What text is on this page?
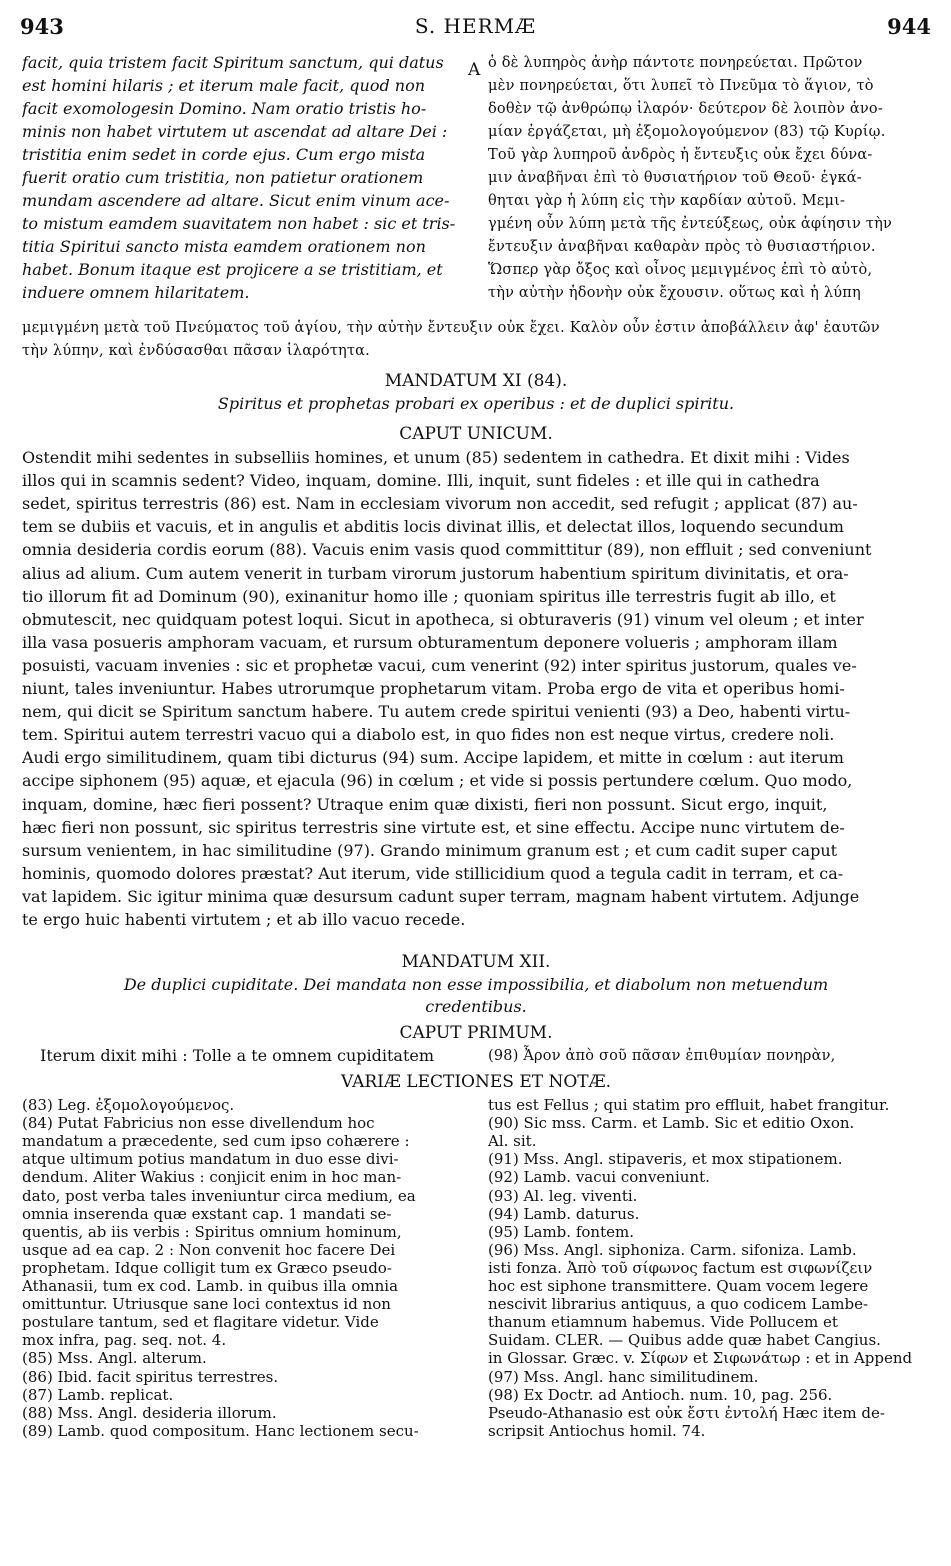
943	S. HERMÆ	944
A
facit, quia tristem facit Spiritum sanctum, qui datus
est homini hilaris ; et iterum male facit, quod non
facit exomologesin Domino. Nam oratio tristis ho-
minis non habet virtutem ut ascendat ad altare Dei :
tristitia enim sedet in corde ejus. Cum ergo mista
fuerit oratio cum tristitia, non patietur orationem
mundam ascendere ad altare. Sicut enim vinum ace-
to mistum eamdem suavitatem non habet : sic et tris-
titia Spiritui sancto mista eamdem orationem non
habet. Bonum itaque est projicere a se tristitiam, et
induere omnem hilaritatem.
ὁ δὲ λυπηρὸς ἀνὴρ πάντοτε πονηρεύεται. Πρῶτον
μὲν πονηρεύεται, ὅτι λυπεῖ τὸ Πνεῦμα τὸ ἅγιον, τὸ
δοθὲν τῷ ἀνθρώπῳ ἱλαρόν· δεύτερον δὲ λοιπὸν ἀνο-
μίαν ἐργάζεται, μὴ ἐξομολογούμενον (83) τῷ Κυρίῳ.
Τοῦ γὰρ λυπηροῦ ἀνδρὸς ἡ ἔντευξις οὐκ ἔχει δύνα-
μιν ἀναβῆναι ἐπὶ τὸ θυσιατήριον τοῦ Θεοῦ· ἐγκά-
θηται γὰρ ἡ λύπη εἰς τὴν καρδίαν αὐτοῦ. Μεμι-
γμένη οὖν λύπη μετὰ τῆς ἐντεύξεως, οὐκ ἀφίησιν τὴν
ἔντευξιν ἀναβῆναι καθαρὰν πρὸς τὸ θυσιαστήριον.
Ὥσπερ γὰρ ὄξος καὶ οἶνος μεμιγμένος ἐπὶ τὸ αὐτὸ,
τὴν αὐτὴν ἡδονὴν οὐκ ἔχουσιν. οὕτως καὶ ἡ λύπη
μεμιγμένη μετὰ τοῦ Πνεύματος τοῦ ἁγίου, τὴν αὐτὴν ἔντευξιν οὐκ ἔχει. Καλὸν οὖν ἐστιν ἀποβάλλειν ἀφ' ἑαυτῶν
τὴν λύπην, καὶ ἐνδύσασθαι πᾶσαν ἱλαρότητα.
MANDATUM XI (84).
Spiritus et prophetas probari ex operibus : et de duplici spiritu.
CAPUT UNICUM.
Ostendit mihi sedentes in subselliis homines, et unum (85) sedentem in cathedra. Et dixit mihi : Vides
illos qui in scamnis sedent? Video, inquam, domine. Illi, inquit, sunt fideles : et ille qui in cathedra
sedet, spiritus terrestris (86) est. Nam in ecclesiam vivorum non accedit, sed refugit ; applicat (87) au-
tem se dubiis et vacuis, et in angulis et abditis locis divinat illis, et delectat illos, loquendo secundum
omnia desideria cordis eorum (88). Vacuis enim vasis quod committitur (89), non effluit ; sed conveniunt
alius ad alium. Cum autem venerit in turbam virorum justorum habentium spiritum divinitatis, et ora-
tio illorum fit ad Dominum (90), exinanitur homo ille ; quoniam spiritus ille terrestris fugit ab illo, et
obmutescit, nec quidquam potest loqui. Sicut in apotheca, si obturaveris (91) vinum vel oleum ; et inter
illa vasa posueris amphoram vacuam, et rursum obturamentum deponere volueris ; amphoram illam
posuisti, vacuam invenies : sic et prophetæ vacui, cum venerint (92) inter spiritus justorum, quales ve-
niunt, tales inveniuntur. Habes utrorumque prophetarum vitam. Proba ergo de vita et operibus homi-
nem, qui dicit se Spiritum sanctum habere. Tu autem crede spiritui venienti (93) a Deo, habenti virtu-
tem. Spiritui autem terrestri vacuo qui a diabolo est, in quo fides non est neque virtus, credere noli.
Audi ergo similitudinem, quam tibi dicturus (94) sum. Accipe lapidem, et mitte in cœlum : aut iterum
accipe siphonem (95) aquæ, et ejacula (96) in cœlum ; et vide si possis pertundere cœlum. Quo modo,
inquam, domine, hæc fieri possent? Utraque enim quæ dixisti, fieri non possunt. Sicut ergo, inquit,
hæc fieri non possunt, sic spiritus terrestris sine virtute est, et sine effectu. Accipe nunc virtutem de-
sursum venientem, in hac similitudine (97). Grando minimum granum est ; et cum cadit super caput
hominis, quomodo dolores præstat? Aut iterum, vide stillicidium quod a tegula cadit in terram, et ca-
vat lapidem. Sic igitur minima quæ desursum cadunt super terram, magnam habent virtutem. Adjunge
te ergo huic habenti virtutem ; et ab illo vacuo recede.
MANDATUM XII.
De duplici cupiditate. Dei mandata non esse impossibilia, et diabolum non metuendum
credentibus.
CAPUT PRIMUM.
Iterum dixit mihi : Tolle a te omnem cupiditatem	(98) Ἆρον ἀπὸ σοῦ πᾶσαν ἐπιθυμίαν πονηρὰν,
VARIÆ LECTIONES ET NOTÆ.
(83) Leg. ἐξομολογούμενος.
(84) Putat Fabricius non esse divellendum hoc
mandatum a præcedente, sed cum ipso cohærere :
atque ultimum potius mandatum in duo esse divi-
dendum. Aliter Wakius : conjicit enim in hoc man-
dato, post verba tales inveniuntur circa medium, ea
omnia inserenda quæ exstant cap. 1 mandati se-
quentis, ab iis verbis : Spiritus omnium hominum,
usque ad ea cap. 2 : Non convenit hoc facere Dei
prophetam. Idque colligit tum ex Græco pseudo-
Athanasii, tum ex cod. Lamb. in quibus illa omnia
omittuntur. Utriusque sane loci contextus id non
postulare tantum, sed et flagitare videtur. Vide
mox infra, pag. seq. not. 4.
(85) Mss. Angl. alterum.
(86) Ibid. facit spiritus terrestres.
(87) Lamb. replicat.
(88) Mss. Angl. desideria illorum.
(89) Lamb. quod compositum. Hanc lectionem secu-
tus est Fellus ; qui statim pro effluit, habet frangitur.
(90) Sic mss. Carm. et Lamb. Sic et editio Oxon.
Al. sit.
(91) Mss. Angl. stipaveris, et mox stipationem.
(92) Lamb. vacui conveniunt.
(93) Al. leg. viventi.
(94) Lamb. daturus.
(95) Lamb. fontem.
(96) Mss. Angl. siphoniza. Carm. sifoniza. Lamb.
isti fonza. Ἀπὸ τοῦ σίφωνος factum est σιφωνίζειν
hoc est siphone transmittere. Quam vocem legere
nescivit librarius antiquus, a quo codicem Lambe-
thanum etiamnum habemus. Vide Pollucem et
Suidam. CLER. — Quibus adde quæ habet Cangius.
in Glossar. Græc. v. Σίφων et Σιφωνάτωρ : et in Append
(97) Mss. Angl. hanc similitudinem.
(98) Ex Doctr. ad Antioch. num. 10, pag. 256.
Pseudo-Athanasio est οὐκ ἔστι ἐντολή Hæc item de-
scripsit Antiochus homil. 74.
